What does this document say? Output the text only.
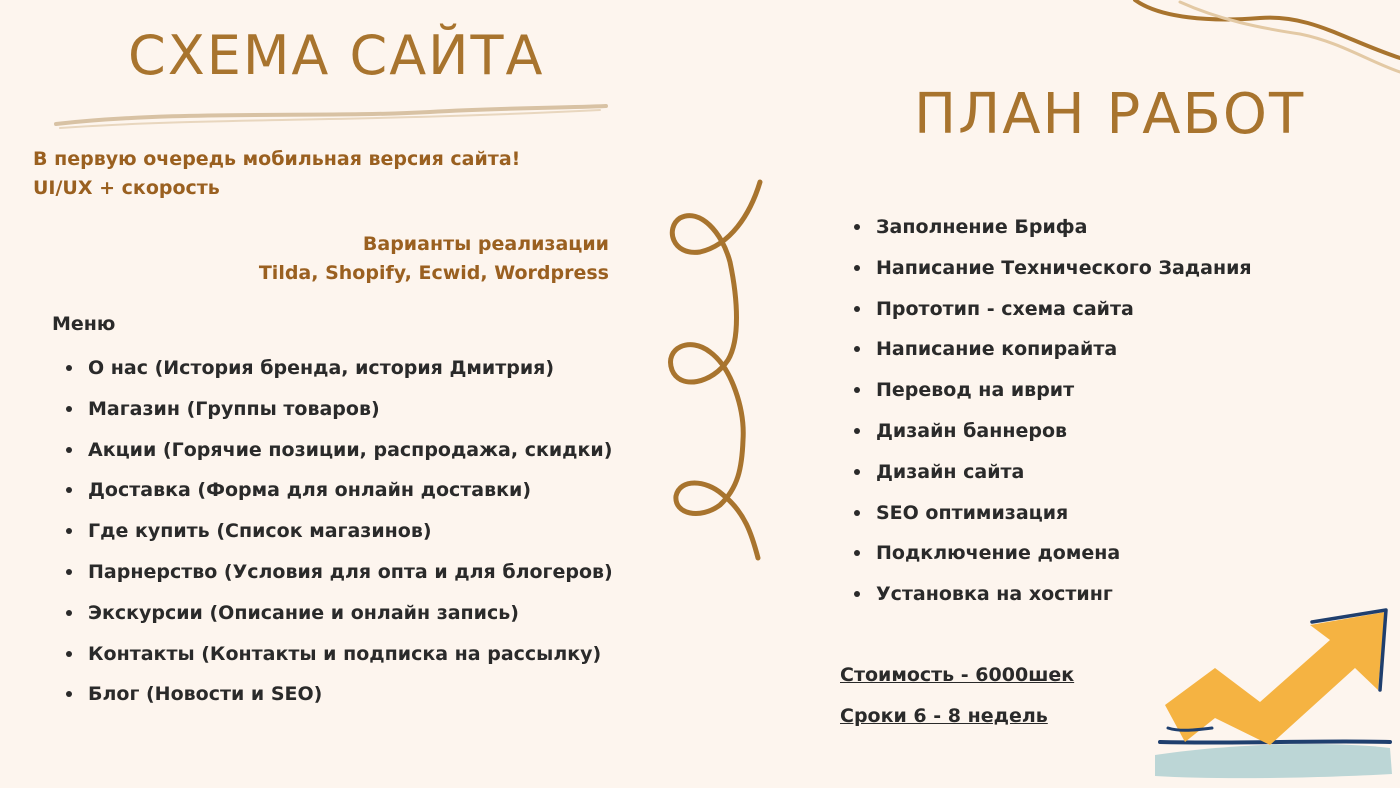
СХЕМА САЙТА
ПЛАН РАБОТ
В первую очередь мобильная версия сайта!
UI/UX + скорость
Варианты реализации
Tilda, Shopify, Ecwid, Wordpress
Меню
О нас (История бренда, история Дмитрия)
Магазин (Группы товаров)
Акции (Горячие позиции, распродажа, скидки)
Доставка (Форма для онлайн доставки)
Где купить (Список магазинов)
Парнерство (Условия для опта и для блогеров)
Экскурсии (Описание и онлайн запись)
Контакты (Контакты и подписка на рассылку)
Блог (Новости и SEO)
Заполнение Брифа
Написание Технического Задания
Прототип - схема сайта
Написание копирайта
Перевод на иврит
Дизайн баннеров
Дизайн сайта
SEO оптимизация
Подключение домена
Установка на хостинг
Стоимость - 6000шек
Сроки 6 - 8 недель
